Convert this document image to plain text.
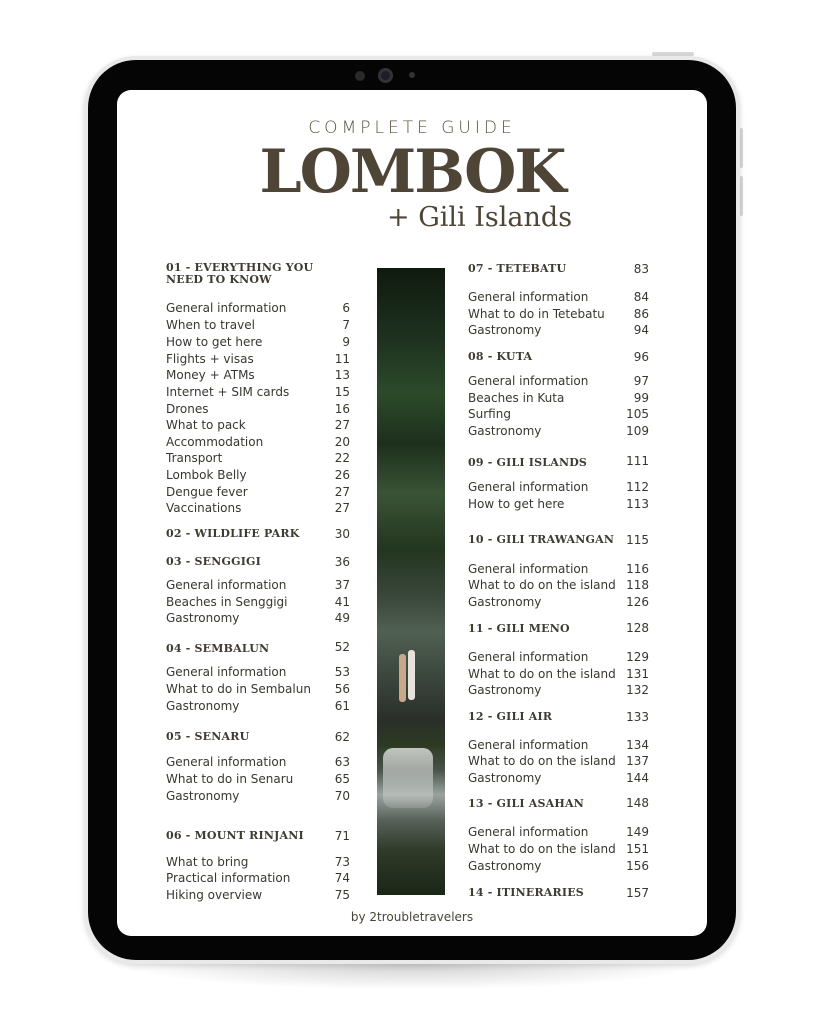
COMPLETE GUIDE
LOMBOK
+ Gili Islands
01 - EVERYTHING YOU NEED TO KNOW
General information	6
When to travel	7
How to get here	9
Flights + visas	11
Money + ATMs	13
Internet + SIM cards	15
Drones	16
What to pack	27
Accommodation	20
Transport	22
Lombok Belly	26
Dengue fever	27
Vaccinations	27
02 - WILDLIFE PARK	30
03 - SENGGIGI	36
General information	37
Beaches in Senggigi	41
Gastronomy	49
04 - SEMBALUN	52
General information	53
What to do in Sembalun	56
Gastronomy	61
05 - SENARU	62
General information	63
What to do in Senaru	65
Gastronomy	70
06 - MOUNT RINJANI	71
What to bring	73
Practical information	74
Hiking overview	75
07 - TETEBATU	83
General information	84
What to do in Tetebatu	86
Gastronomy	94
08 - KUTA	96
General information	97
Beaches in Kuta	99
Surfing	105
Gastronomy	109
09 - GILI ISLANDS	111
General information	112
How to get here	113
10 - GILI TRAWANGAN 115
General information	116
What to do on the island 118
Gastronomy	126
11 - GILI MENO	128
General information	129
What to do on the island 131
Gastronomy	132
12 - GILI AIR	133
General information	134
What to do on the island 137
Gastronomy	144
13 - GILI ASAHAN	148
General information	149
What to do on the island 151
Gastronomy	156
14 - ITINERARIES	157
by 2troubletravelers
